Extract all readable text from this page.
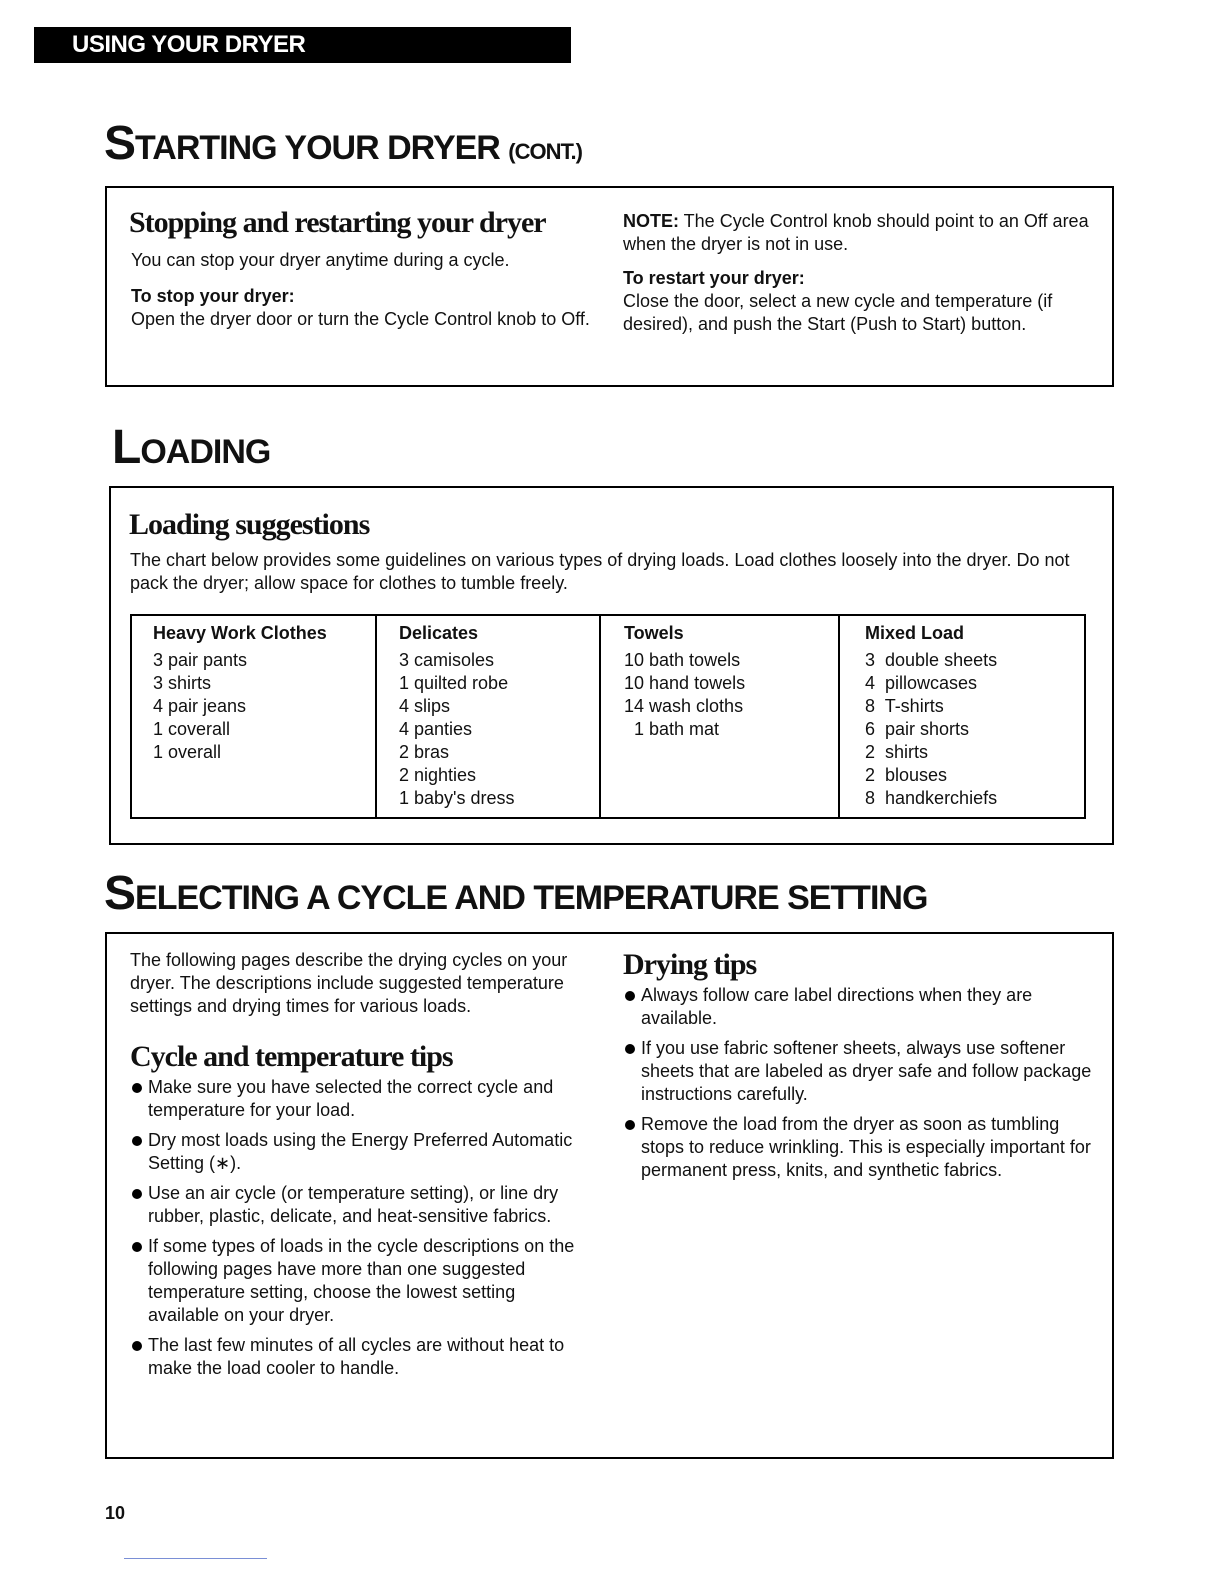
USING YOUR DRYER
STARTING YOUR DRYER (CONT.)
Stopping and restarting your dryer

You can stop your dryer anytime during a cycle.

To stop your dryer:

Open the dryer door or turn the Cycle Control knob to Off.

NOTE: The Cycle Control knob should point to an Off area when the dryer is not in use.

To restart your dryer:

Close the door, select a new cycle and temperature (if desired), and push the Start (Push to Start) button.

LOADING
Loading suggestions
The chart below provides some guidelines on various types of drying loads. Load clothes loosely into the dryer. Do not pack the dryer; allow space for clothes to tumble freely.
Heavy Work Clothes
3 pair pants
3 shirts
4 pair jeans
1 coverall
1 overall
Delicates
3 camisoles
1 quilted robe
4 slips
4 panties
2 bras
2 nighties
1 baby's dress
Towels
10 bath towels
10 hand towels
14 wash cloths
1 bath mat
Mixed Load
3  double sheets
4  pillowcases
8  T-shirts
6  pair shorts
2  shirts
2  blouses
8  handkerchiefs
SELECTING A CYCLE AND TEMPERATURE SETTING

The following pages describe the drying cycles on your dryer. The descriptions include suggested temperature settings and drying times for various loads.

Cycle and temperature tips
Make sure you have selected the correct cycle and temperature for your load.
Dry most loads using the Energy Preferred Automatic Setting (∗).
Use an air cycle (or temperature setting), or line dry rubber, plastic, delicate, and heat-sensitive fabrics.
If some types of loads in the cycle descriptions on the following pages have more than one suggested temperature setting, choose the lowest setting available on your dryer.
The last few minutes of all cycles are without heat to make the load cooler to handle.
Drying tips
Always follow care label directions when they are available.
If you use fabric softener sheets, always use softener sheets that are labeled as dryer safe and follow package instructions carefully.
Remove the load from the dryer as soon as tumbling stops to reduce wrinkling. This is especially important for permanent press, knits, and synthetic fabrics.
10
